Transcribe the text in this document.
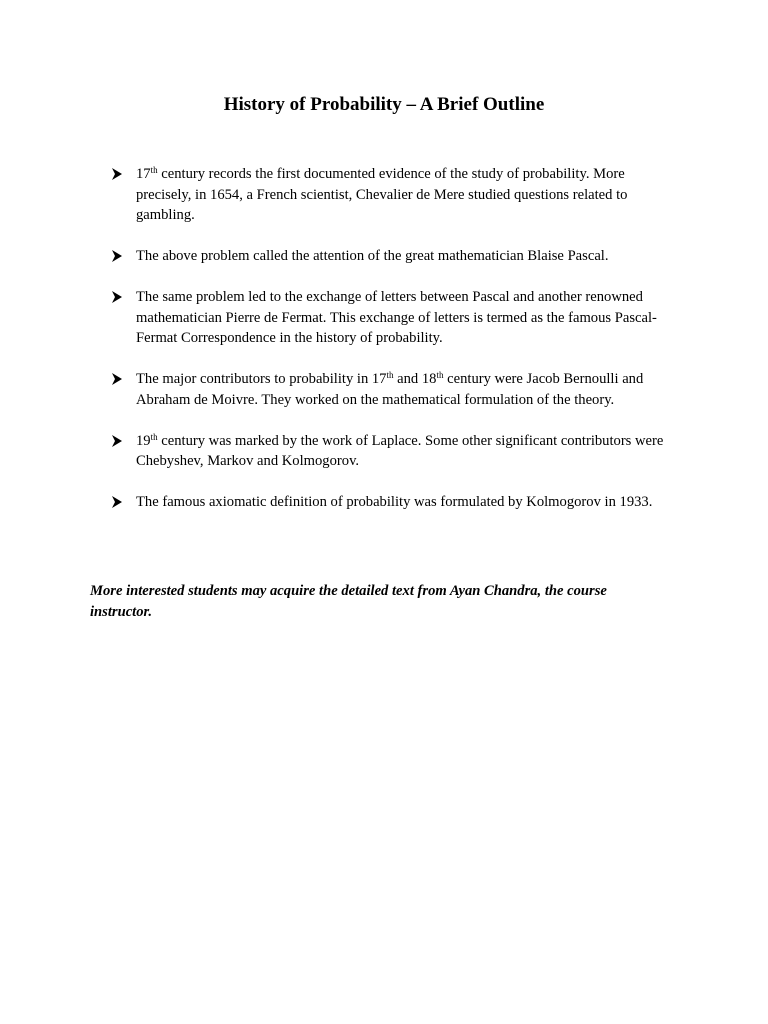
History of Probability – A Brief Outline
17th century records the first documented evidence of the study of probability. More precisely, in 1654, a French scientist, Chevalier de Mere studied questions related to gambling.
The above problem called the attention of the great mathematician Blaise Pascal.
The same problem led to the exchange of letters between Pascal and another renowned mathematician Pierre de Fermat. This exchange of letters is termed as the famous Pascal-Fermat Correspondence in the history of probability.
The major contributors to probability in 17th and 18th century were Jacob Bernoulli and Abraham de Moivre. They worked on the mathematical formulation of the theory.
19th century was marked by the work of Laplace. Some other significant contributors were Chebyshev, Markov and Kolmogorov.
The famous axiomatic definition of probability was formulated by Kolmogorov in 1933.

More interested students may acquire the detailed text from Ayan Chandra, the course instructor.
